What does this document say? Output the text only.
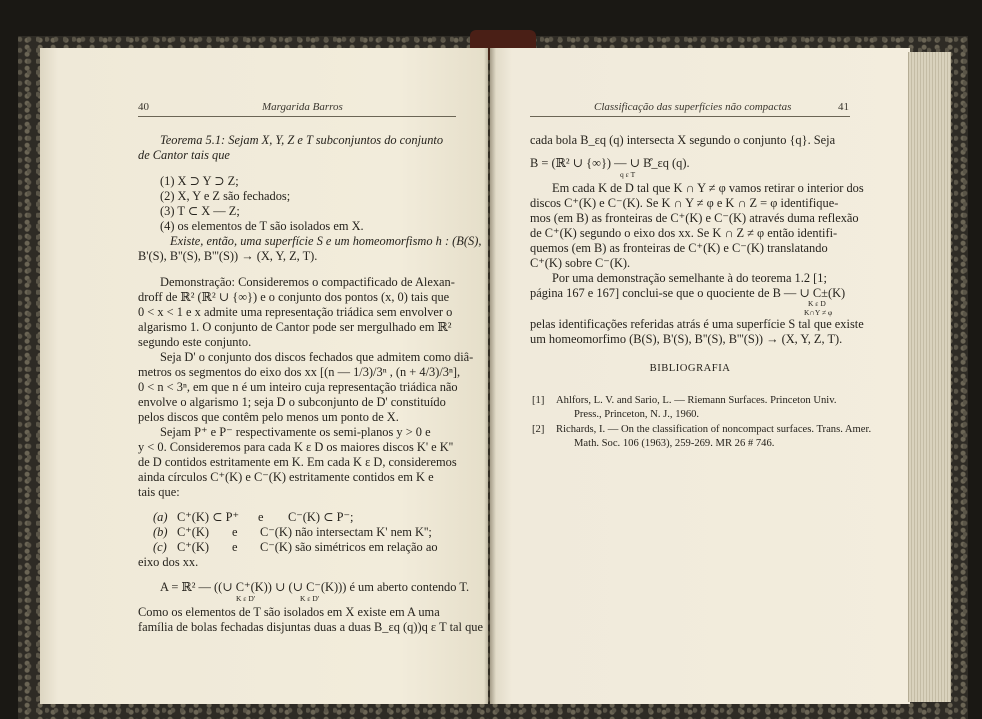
40	Margarida Barros
Teorema 5.1: Sejam X, Y, Z e T subconjuntos do conjunto
de Cantor tais que
(1) X ⊃ Y ⊃ Z;
(2) X, Y e Z são fechados;
(3) T ⊂ X — Z;
(4) os elementos de T são isolados em X.
Existe, então, uma superfície S e um homeomorfismo h : (B(S),
B'(S), B''(S), B'''(S)) → (X, Y, Z, T).
Demonstração: Consideremos o compactificado de Alexan-
droff de ℝ² (ℝ² ∪ {∞}) e o conjunto dos pontos (x, 0) tais que
0 < x < 1 e x admite uma representação triádica sem envolver o
algarismo 1. O conjunto de Cantor pode ser mergulhado em ℝ²
segundo este conjunto.
Seja D' o conjunto dos discos fechados que admitem como diâ-
metros os segmentos do eixo dos xx [(n — 1/3)/3ⁿ , (n + 4/3)/3ⁿ],
0 < n < 3ⁿ, em que n é um inteiro cuja representação triádica não
envolve o algarismo 1; seja D o subconjunto de D' constituído
pelos discos que contêm pelo menos um ponto de X.
Sejam P⁺ e P⁻ respectivamente os semi-planos y > 0 e
y < 0. Consideremos para cada K ε D os maiores discos K' e K''
de D contidos estritamente em K. Em cada K ε D, consideremos
ainda círculos C⁺(K) e C⁻(K) estritamente contidos em K e
tais que:
(a) C⁺(K) ⊂ P⁺ e C⁻(K) ⊂ P⁻;
(b) C⁺(K) e C⁻(K) não intersectam K' nem K'';
(c) C⁺(K) e C⁻(K) são simétricos em relação ao
eixo dos xx.
A = ℝ² — ((∪ C⁺(K)) ∪ (∪ C⁻(K))) é um aberto contendo T.
K ε D'	K ε D'
Como os elementos de T são isolados em X existe em A uma
família de bolas fechadas disjuntas duas a duas B_εq (q))q ε T tal que
Classificação das superfícies não compactas	41
cada bola B_εq (q) intersecta X segundo o conjunto {q}. Seja
B = (ℝ² ∪ {∞}) — ∪ B̊_εq (q).
q ε T
Em cada K de D tal que K ∩ Y ≠ φ vamos retirar o interior dos
discos C⁺(K) e C⁻(K). Se K ∩ Y ≠ φ e K ∩ Z = φ identifique-
mos (em B) as fronteiras de C⁺(K) e C⁻(K) através duma reflexão
de C⁺(K) segundo o eixo dos xx. Se K ∩ Z ≠ φ então identifi-
quemos (em B) as fronteiras de C⁺(K) e C⁻(K) translatando
C⁺(K) sobre C⁻(K).
Por uma demonstração semelhante à do teorema 1.2 [1;
página 167 e 167] conclui-se que o quociente de B — ∪ C±(K)
K ε D
K∩Y ≠ φ
pelas identificações referidas atrás é uma superfície S tal que existe
um homeomorfimo (B(S), B'(S), B''(S), B'''(S)) → (X, Y, Z, T).
BIBLIOGRAFIA
[1] Ahlfors, L. V. and Sario, L. — Riemann Surfaces. Princeton Univ.
Press., Princeton, N. J., 1960.
[2] Richards, I. — On the classification of noncompact surfaces. Trans. Amer.
Math. Soc. 106 (1963), 259-269. MR 26 # 746.
